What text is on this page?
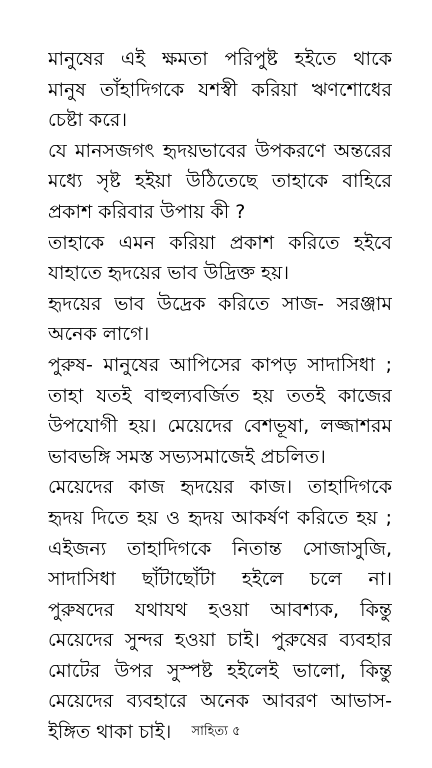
মানুষের এই ক্ষমতা পরিপুষ্ট হইতে থাকে
মানুষ তাঁহাদিগকে যশস্বী করিয়া ঋণশোধের
চেষ্টা করে।
যে মানসজগৎ হৃদয়ভাবের উপকরণে অন্তরের
মধ্যে সৃষ্ট হইয়া উঠিতেছে তাহাকে বাহিরে
প্রকাশ করিবার উপায় কী ?
তাহাকে এমন করিয়া প্রকাশ করিতে হইবে
যাহাতে হৃদয়ের ভাব উদ্রিক্ত হয়।
হৃদয়ের ভাব উদ্রেক করিতে সাজ- সরঞ্জাম
অনেক লাগে।
পুরুষ- মানুষের আপিসের কাপড় সাদাসিধা ;
তাহা যতই বাহুল্যবর্জিত হয় ততই কাজের
উপযোগী হয়। মেয়েদের বেশভূষা, লজ্জাশরম
ভাবভঙ্গি সমস্ত সভ্যসমাজেই প্রচলিত।
মেয়েদের কাজ হৃদয়ের কাজ। তাহাদিগকে
হৃদয় দিতে হয় ও হৃদয় আকর্ষণ করিতে হয় ;
এইজন্য তাহাদিগকে নিতান্ত সোজাসুজি,
সাদাসিধা ছাঁটাছোঁটা হইলে চলে না।
পুরুষদের যথাযথ হওয়া আবশ্যক, কিন্তু
মেয়েদের সুন্দর হওয়া চাই। পুরুষের ব্যবহার
মোটের উপর সুস্পষ্ট হইলেই ভালো, কিন্তু
মেয়েদের ব্যবহারে অনেক আবরণ আভাস-
ইঙ্গিত থাকা চাই।	সাহিত্য ৫
